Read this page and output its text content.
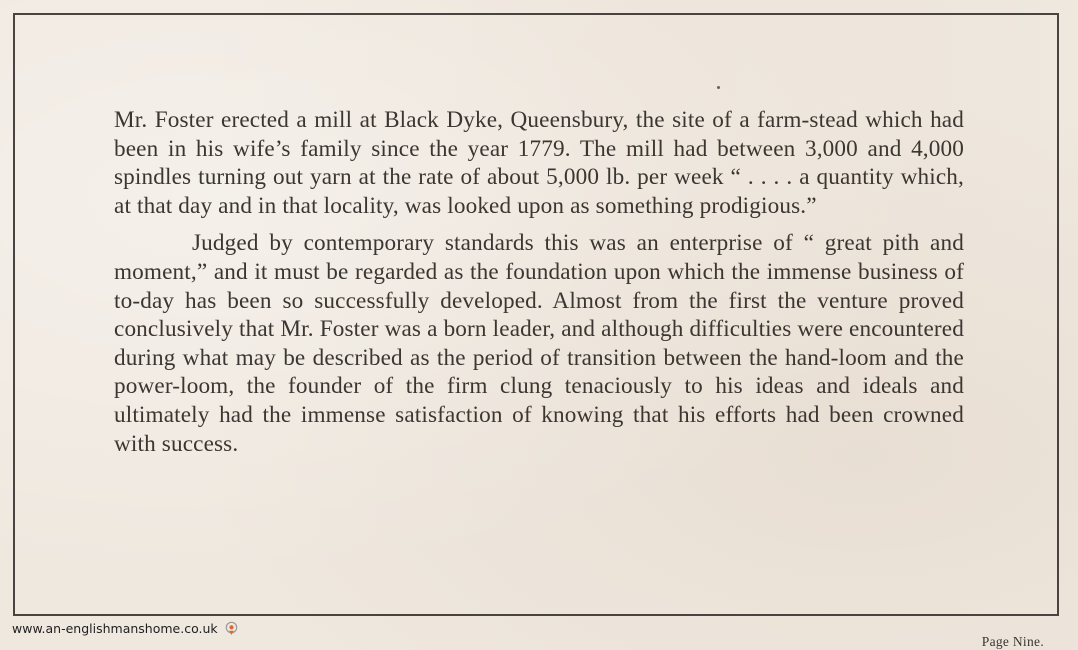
Mr. Foster erected a mill at Black Dyke, Queensbury, the site of a farm-stead which had been in his wife’s family since the year 1779. The mill had between 3,000 and 4,000 spindles turning out yarn at the rate of about 5,000 lb. per week “ . . . . a quantity which, at that day and in that locality, was looked upon as something prodigious.”

Judged by contemporary standards this was an enterprise of “ great pith and moment,” and it must be regarded as the foundation upon which the immense business of to-day has been so successfully developed. Almost from the first the venture proved conclusively that Mr. Foster was a born leader, and although difficulties were encountered during what may be described as the period of transition between the hand-loom and the power-loom, the founder of the firm clung tenaciously to his ideas and ideals and ultimately had the immense satisfaction of knowing that his efforts had been crowned with success.

www.an-englishmanshome.co.uk
Page Nine.
